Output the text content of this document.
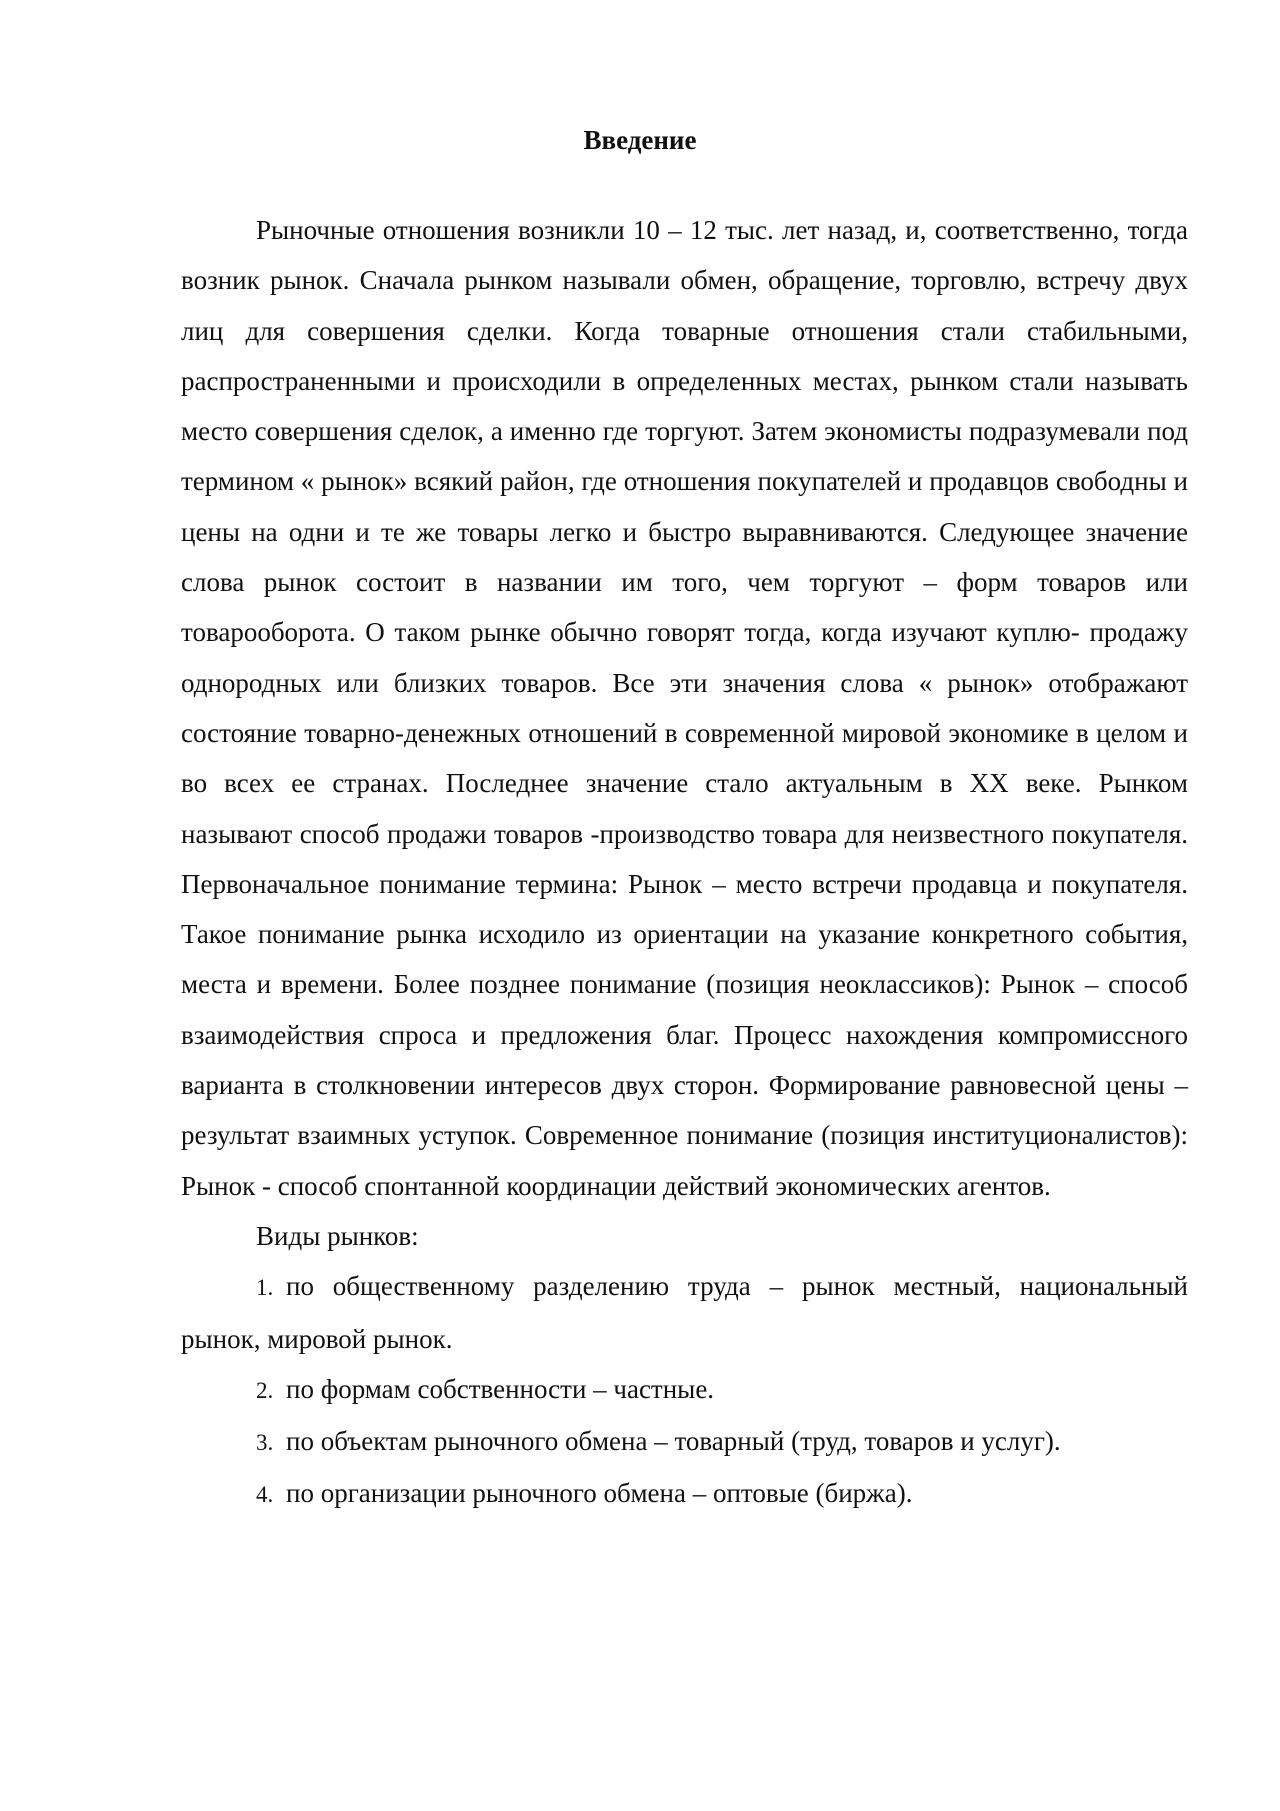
Введение

Рыночные отношения возникли 10 – 12 тыс. лет назад, и, соответственно, тогда возник рынок. Сначала рынком называли обмен, обращение, торговлю, встречу двух лиц для совершения сделки. Когда товарные отношения стали стабильными, распространенными и происходили в определенных местах, рынком стали называть место совершения сделок, а именно где торгуют. Затем экономисты подразумевали под термином « рынок» всякий район, где отношения покупателей и продавцов свободны и цены на одни и те же товары легко и быстро выравниваются. Следующее значение слова рынок состоит в названии им того, чем торгуют – форм товаров или товарооборота. О таком рынке обычно говорят тогда, когда изучают куплю- продажу однородных или близких товаров. Все эти значения слова « рынок» отображают состояние товарно-денежных отношений в современной мировой экономике в целом и во всех ее странах. Последнее значение стало актуальным в XX веке. Рынком называют способ продажи товаров -производство товара для неизвестного покупателя. Первоначальное понимание термина: Рынок – место встречи продавца и покупателя. Такое понимание рынка исходило из ориентации на указание конкретного события, места и времени. Более позднее понимание (позиция неоклассиков): Рынок – способ взаимодействия спроса и предложения благ. Процесс нахождения компромиссного варианта в столкновении интересов двух сторон. Формирование равновесной цены – результат взаимных уступок. Современное понимание (позиция институционалистов): Рынок - способ спонтанной координации действий экономических агентов.

Виды рынков:

1. по общественному разделению труда – рынок местный, национальный рынок, мировой рынок.
2. по формам собственности – частные.
3. по объектам рыночного обмена – товарный (труд, товаров и услуг).
4. по организации рыночного обмена – оптовые (биржа).
